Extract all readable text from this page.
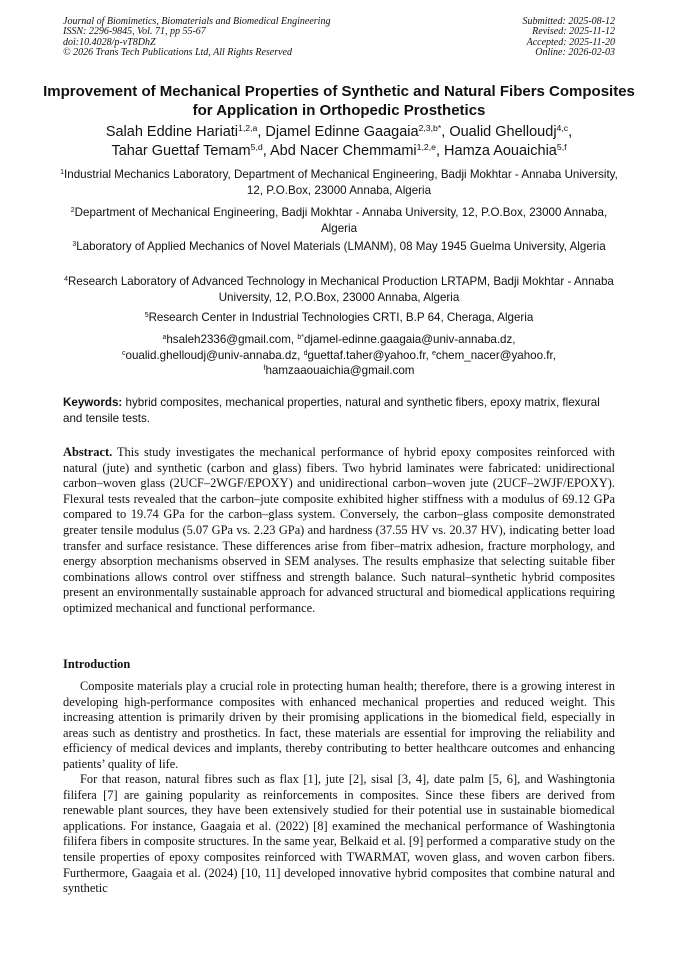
Journal of Biomimetics, Biomaterials and Biomedical Engineering
ISSN: 2296-9845, Vol. 71, pp 55-67
doi:10.4028/p-vT8DhZ
© 2026 Trans Tech Publications Ltd, All Rights Reserved
Submitted: 2025-08-12
Revised: 2025-11-12
Accepted: 2025-11-20
Online: 2026-02-03
Improvement of Mechanical Properties of Synthetic and Natural Fibers Composites for Application in Orthopedic Prosthetics
Salah Eddine Hariati$^{1,2,a}$, Djamel Edinne Gaagaia$^{2,3,b*}$, Oualid Ghelloudj$^{4,c}$,
Tahar Guettaf Temam$^{5,d}$, Abd Nacer Chemmami$^{1,2,e}$, Hamza Aouaichia$^{5,f}$
$^1$Industrial Mechanics Laboratory, Department of Mechanical Engineering, Badji Mokhtar - Annaba University, 12, P.O.Box, 23000 Annaba, Algeria
$^2$Department of Mechanical Engineering, Badji Mokhtar - Annaba University, 12, P.O.Box, 23000 Annaba, Algeria
$^3$Laboratory of Applied Mechanics of Novel Materials (LMANM), 08 May 1945 Guelma University, Algeria
$^4$Research Laboratory of Advanced Technology in Mechanical Production LRTAPM, Badji Mokhtar - Annaba University, 12, P.O.Box, 23000 Annaba, Algeria
$^5$Research Center in Industrial Technologies CRTI, B.P 64, Cheraga, Algeria
$^a$hsaleh2336@gmail.com, $^{b*}$djamel-edinne.gaagaia@univ-annaba.dz,
$^c$oualid.ghelloudj@univ-annaba.dz, $^d$guettaf.taher@yahoo.fr, $^e$chem_nacer@yahoo.fr,
$^f$hamzaaouaichia@gmail.com
Keywords: hybrid composites, mechanical properties, natural and synthetic fibers, epoxy matrix, flexural and tensile tests.
Abstract. This study investigates the mechanical performance of hybrid epoxy composites reinforced with natural (jute) and synthetic (carbon and glass) fibers. Two hybrid laminates were fabricated: unidirectional carbon–woven glass (2UCF–2WGF/EPOXY) and unidirectional carbon–woven jute (2UCF–2WJF/EPOXY). Flexural tests revealed that the carbon–jute composite exhibited higher stiffness with a modulus of 69.12 GPa compared to 19.74 GPa for the carbon–glass system. Conversely, the carbon–glass composite demonstrated greater tensile modulus (5.07 GPa vs. 2.23 GPa) and hardness (37.55 HV vs. 20.37 HV), indicating better load transfer and surface resistance. These differences arise from fiber–matrix adhesion, fracture morphology, and energy absorption mechanisms observed in SEM analyses. The results emphasize that selecting suitable fiber combinations allows control over stiffness and strength balance. Such natural–synthetic hybrid composites present an environmentally sustainable approach for advanced structural and biomedical applications requiring optimized mechanical and functional performance.
Introduction

Composite materials play a crucial role in protecting human health; therefore, there is a growing interest in developing high-performance composites with enhanced mechanical properties and reduced weight. This increasing attention is primarily driven by their promising applications in the biomedical field, especially in areas such as dentistry and prosthetics. In fact, these materials are essential for improving the reliability and efficiency of medical devices and implants, thereby contributing to better healthcare outcomes and enhancing patients’ quality of life.

For that reason, natural fibres such as flax [1], jute [2], sisal [3, 4], date palm [5, 6], and Washingtonia filifera [7] are gaining popularity as reinforcements in composites. Since these fibers are derived from renewable plant sources, they have been extensively studied for their potential use in sustainable biomedical applications. For instance, Gaagaia et al. (2022) [8] examined the mechanical performance of Washingtonia filifera fibers in composite structures. In the same year, Belkaid et al. [9] performed a comparative study on the tensile properties of epoxy composites reinforced with TWARMAT, woven glass, and woven carbon fibers. Furthermore, Gaagaia et al. (2024) [10, 11] developed innovative hybrid composites that combine natural and synthetic
